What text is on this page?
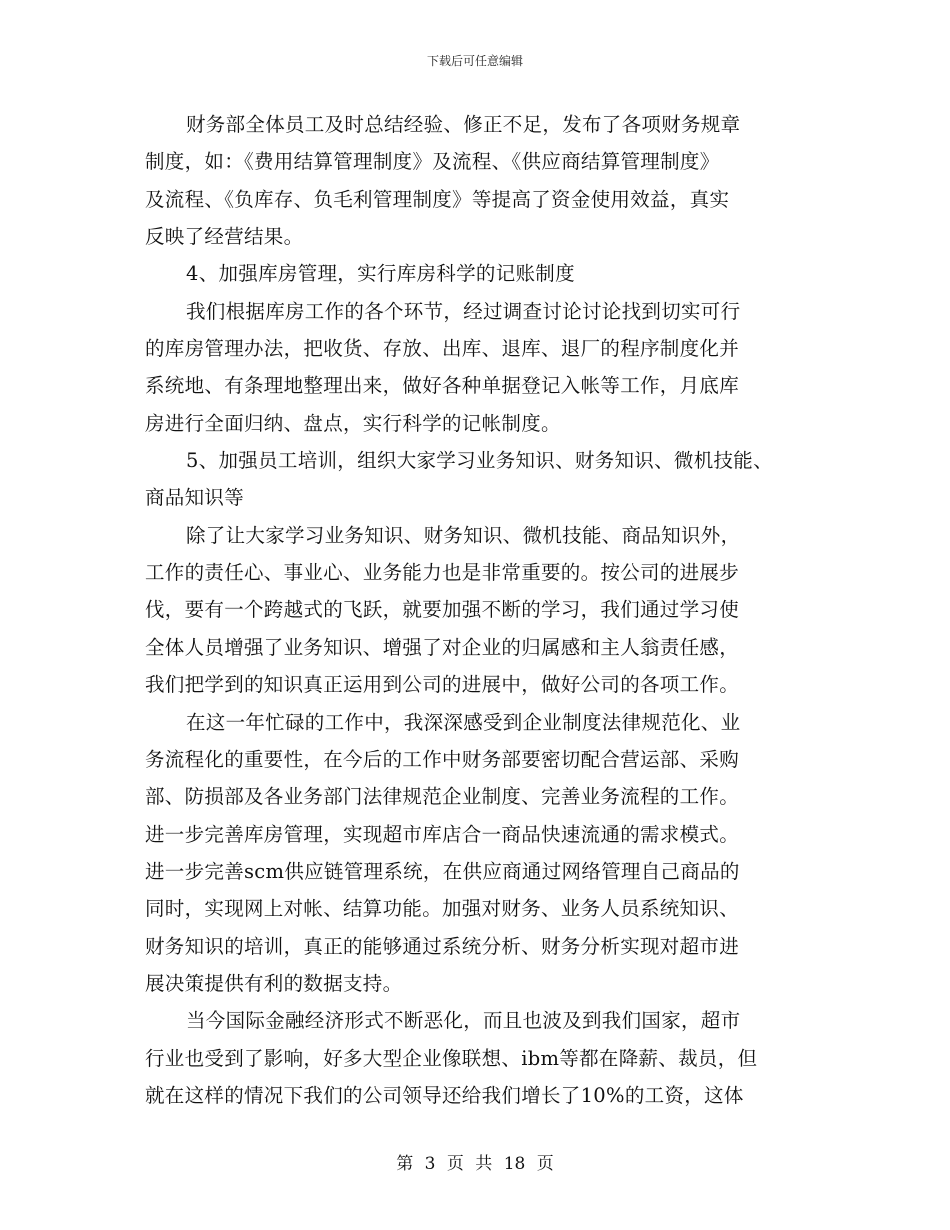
下载后可任意编辑
财务部全体员工及时总结经验、修正不足，发布了各项财务规章
制度，如：《费用结算管理制度》及流程、《供应商结算管理制度》
及流程、《负库存、负毛利管理制度》等提高了资金使用效益，真实
反映了经营结果。
4、加强库房管理，实行库房科学的记账制度
我们根据库房工作的各个环节，经过调查讨论讨论找到切实可行
的库房管理办法，把收货、存放、出库、退库、退厂的程序制度化并
系统地、有条理地整理出来，做好各种单据登记入帐等工作，月底库
房进行全面归纳、盘点，实行科学的记帐制度。
5、加强员工培训，组织大家学习业务知识、财务知识、微机技能、
商品知识等
除了让大家学习业务知识、财务知识、微机技能、商品知识外，
工作的责任心、事业心、业务能力也是非常重要的。按公司的进展步
伐，要有一个跨越式的飞跃，就要加强不断的学习，我们通过学习使
全体人员增强了业务知识、增强了对企业的归属感和主人翁责任感，
我们把学到的知识真正运用到公司的进展中，做好公司的各项工作。
在这一年忙碌的工作中，我深深感受到企业制度法律规范化、业
务流程化的重要性，在今后的工作中财务部要密切配合营运部、采购
部、防损部及各业务部门法律规范企业制度、完善业务流程的工作。
进一步完善库房管理，实现超市库店合一商品快速流通的需求模式。
进一步完善scm供应链管理系统，在供应商通过网络管理自己商品的
同时，实现网上对帐、结算功能。加强对财务、业务人员系统知识、
财务知识的培训，真正的能够通过系统分析、财务分析实现对超市进
展决策提供有利的数据支持。
当今国际金融经济形式不断恶化，而且也波及到我们国家，超市
行业也受到了影响，好多大型企业像联想、ibm等都在降薪、裁员，但
就在这样的情况下我们的公司领导还给我们增长了10%的工资，这体
第 3 页 共 18 页
